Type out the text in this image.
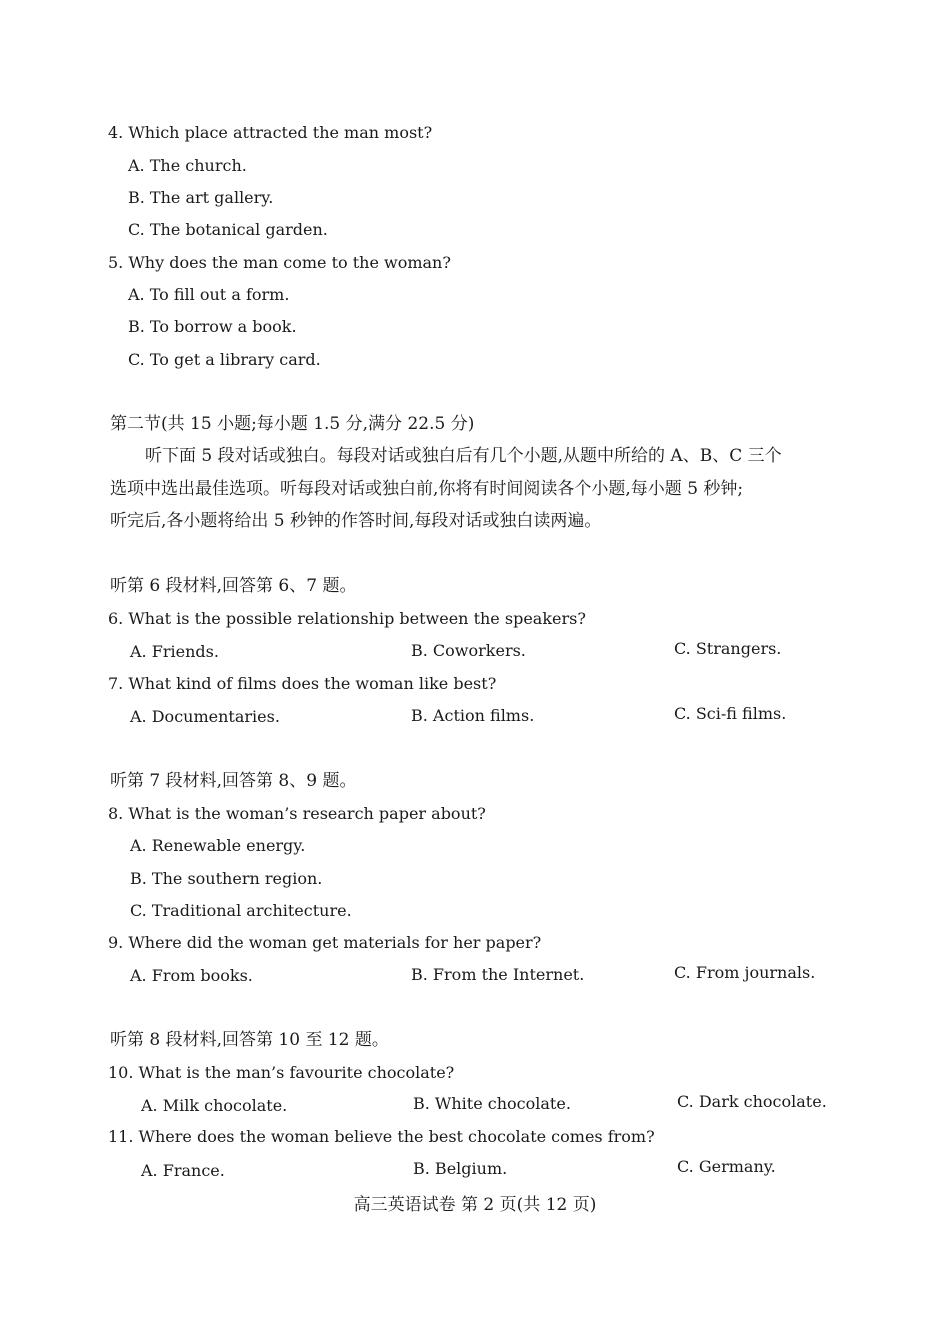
4. Which place attracted the man most?
A. The church.
B. The art gallery.
C. The botanical garden.
5. Why does the man come to the woman?
A. To fill out a form.
B. To borrow a book.
C. To get a library card.
第二节(共 15 小题;每小题 1.5 分,满分 22.5 分)
听下面 5 段对话或独白。每段对话或独白后有几个小题,从题中所给的 A、B、C 三个
选项中选出最佳选项。听每段对话或独白前,你将有时间阅读各个小题,每小题 5 秒钟;
听完后,各小题将给出 5 秒钟的作答时间,每段对话或独白读两遍。
听第 6 段材料,回答第 6、7 题。
6. What is the possible relationship between the speakers?
A. Friends.	B. Coworkers.	C. Strangers.
7. What kind of films does the woman like best?
A. Documentaries.	B. Action films.	C. Sci-fi films.
听第 7 段材料,回答第 8、9 题。
8. What is the woman’s research paper about?
A. Renewable energy.
B. The southern region.
C. Traditional architecture.
9. Where did the woman get materials for her paper?
A. From books.	B. From the Internet.	C. From journals.
听第 8 段材料,回答第 10 至 12 题。
10. What is the man’s favourite chocolate?
A. Milk chocolate.	B. White chocolate.	C. Dark chocolate.
11. Where does the woman believe the best chocolate comes from?
A. France.	B. Belgium.	C. Germany.
高三英语试卷 第 2 页(共 12 页)
